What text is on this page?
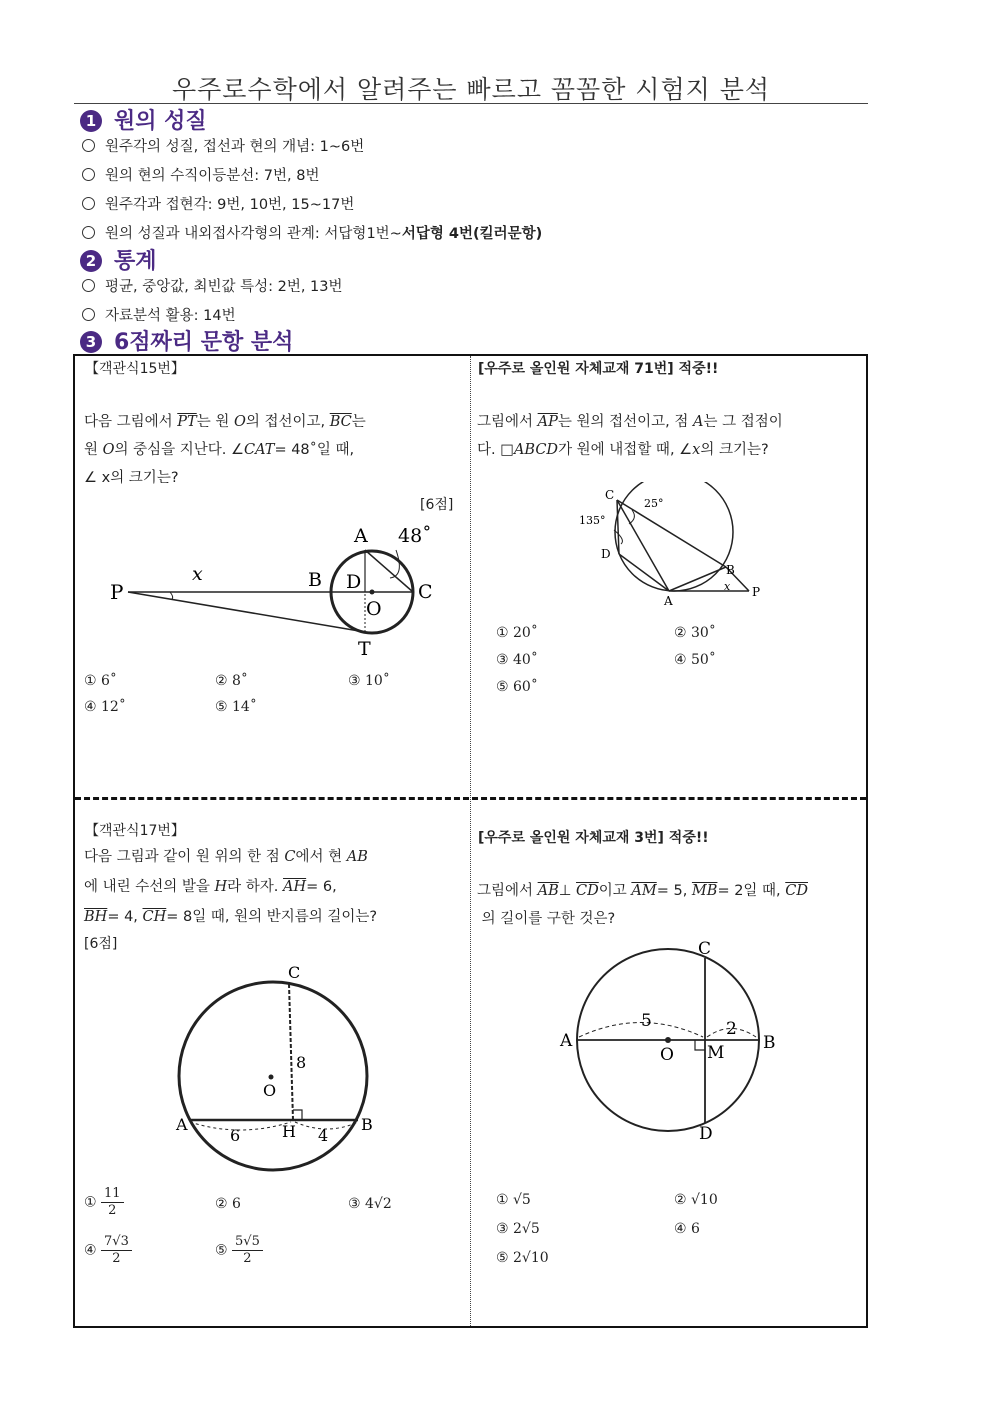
우주로수학에서 알려주는 빠르고 꼼꼼한 시험지 분석
1 원의 성질
원주각의 성질, 접선과 현의 개념: 1~6번
원의 현의 수직이등분선: 7번, 8번
원주각과 접현각: 9번, 10번, 15~17번
원의 성질과 내외접사각형의 관계: 서답형1번~서답형 4번(킬러문항)
2 통계
평균, 중앙값, 최빈값 특성: 2번, 13번
자료분석 활용: 14번
3 6점짜리 문항 분석
【객관식15번】
다음 그림에서 $\overline{PT}$는 원 O의 접선이고, $\overline{BC}$는
원 O의 중심을 지난다. ∠CAT= 48˚일 때,
∠ x의 크기는?
[6점]
P
x	B D
A 48˚
C
O
T
① 6˚	② 8˚	③ 10˚
④ 12˚	⑤ 14˚
[우주로 올인원 자체교재 71번] 적중!!
그림에서 $\overline{AP}$는 원의 접선이고, 점 A는 그 접점이
다. □ABCD가 원에 내접할 때, ∠x의 크기는?
C
25°
135°
D
A
B
x P
① 20˚	② 30˚
③ 40˚	④ 50˚
⑤ 60˚
【객관식17번】
다음 그림과 같이 원 위의 한 점 C에서 현 AB
에 내린 수선의 발을 H라 하자. $\overline{AH}= 6$,
$\overline{BH}= 4$, $\overline{CH}= 8$일 때, 원의 반지름의 길이는?
[6점]
C
8
O
A	H	B
6	4
① $\frac{11}{2}$	② 6	③ 4√2
④ $\frac{7√3}{2}$	⑤ $\frac{5√5}{2}$
[우주로 올인원 자체교재 3번] 적중!!
그림에서 $\overline{AB}\perp$ $\overline{CD}$이고 $\overline{AM}= 5$, $\overline{MB}= 2$일 때, $\overline{CD}$
의 길이를 구한 것은?
C
5	2
A	B
O M
D
① √5	② √10
③ 2√5	④ 6
⑤ 2√10
